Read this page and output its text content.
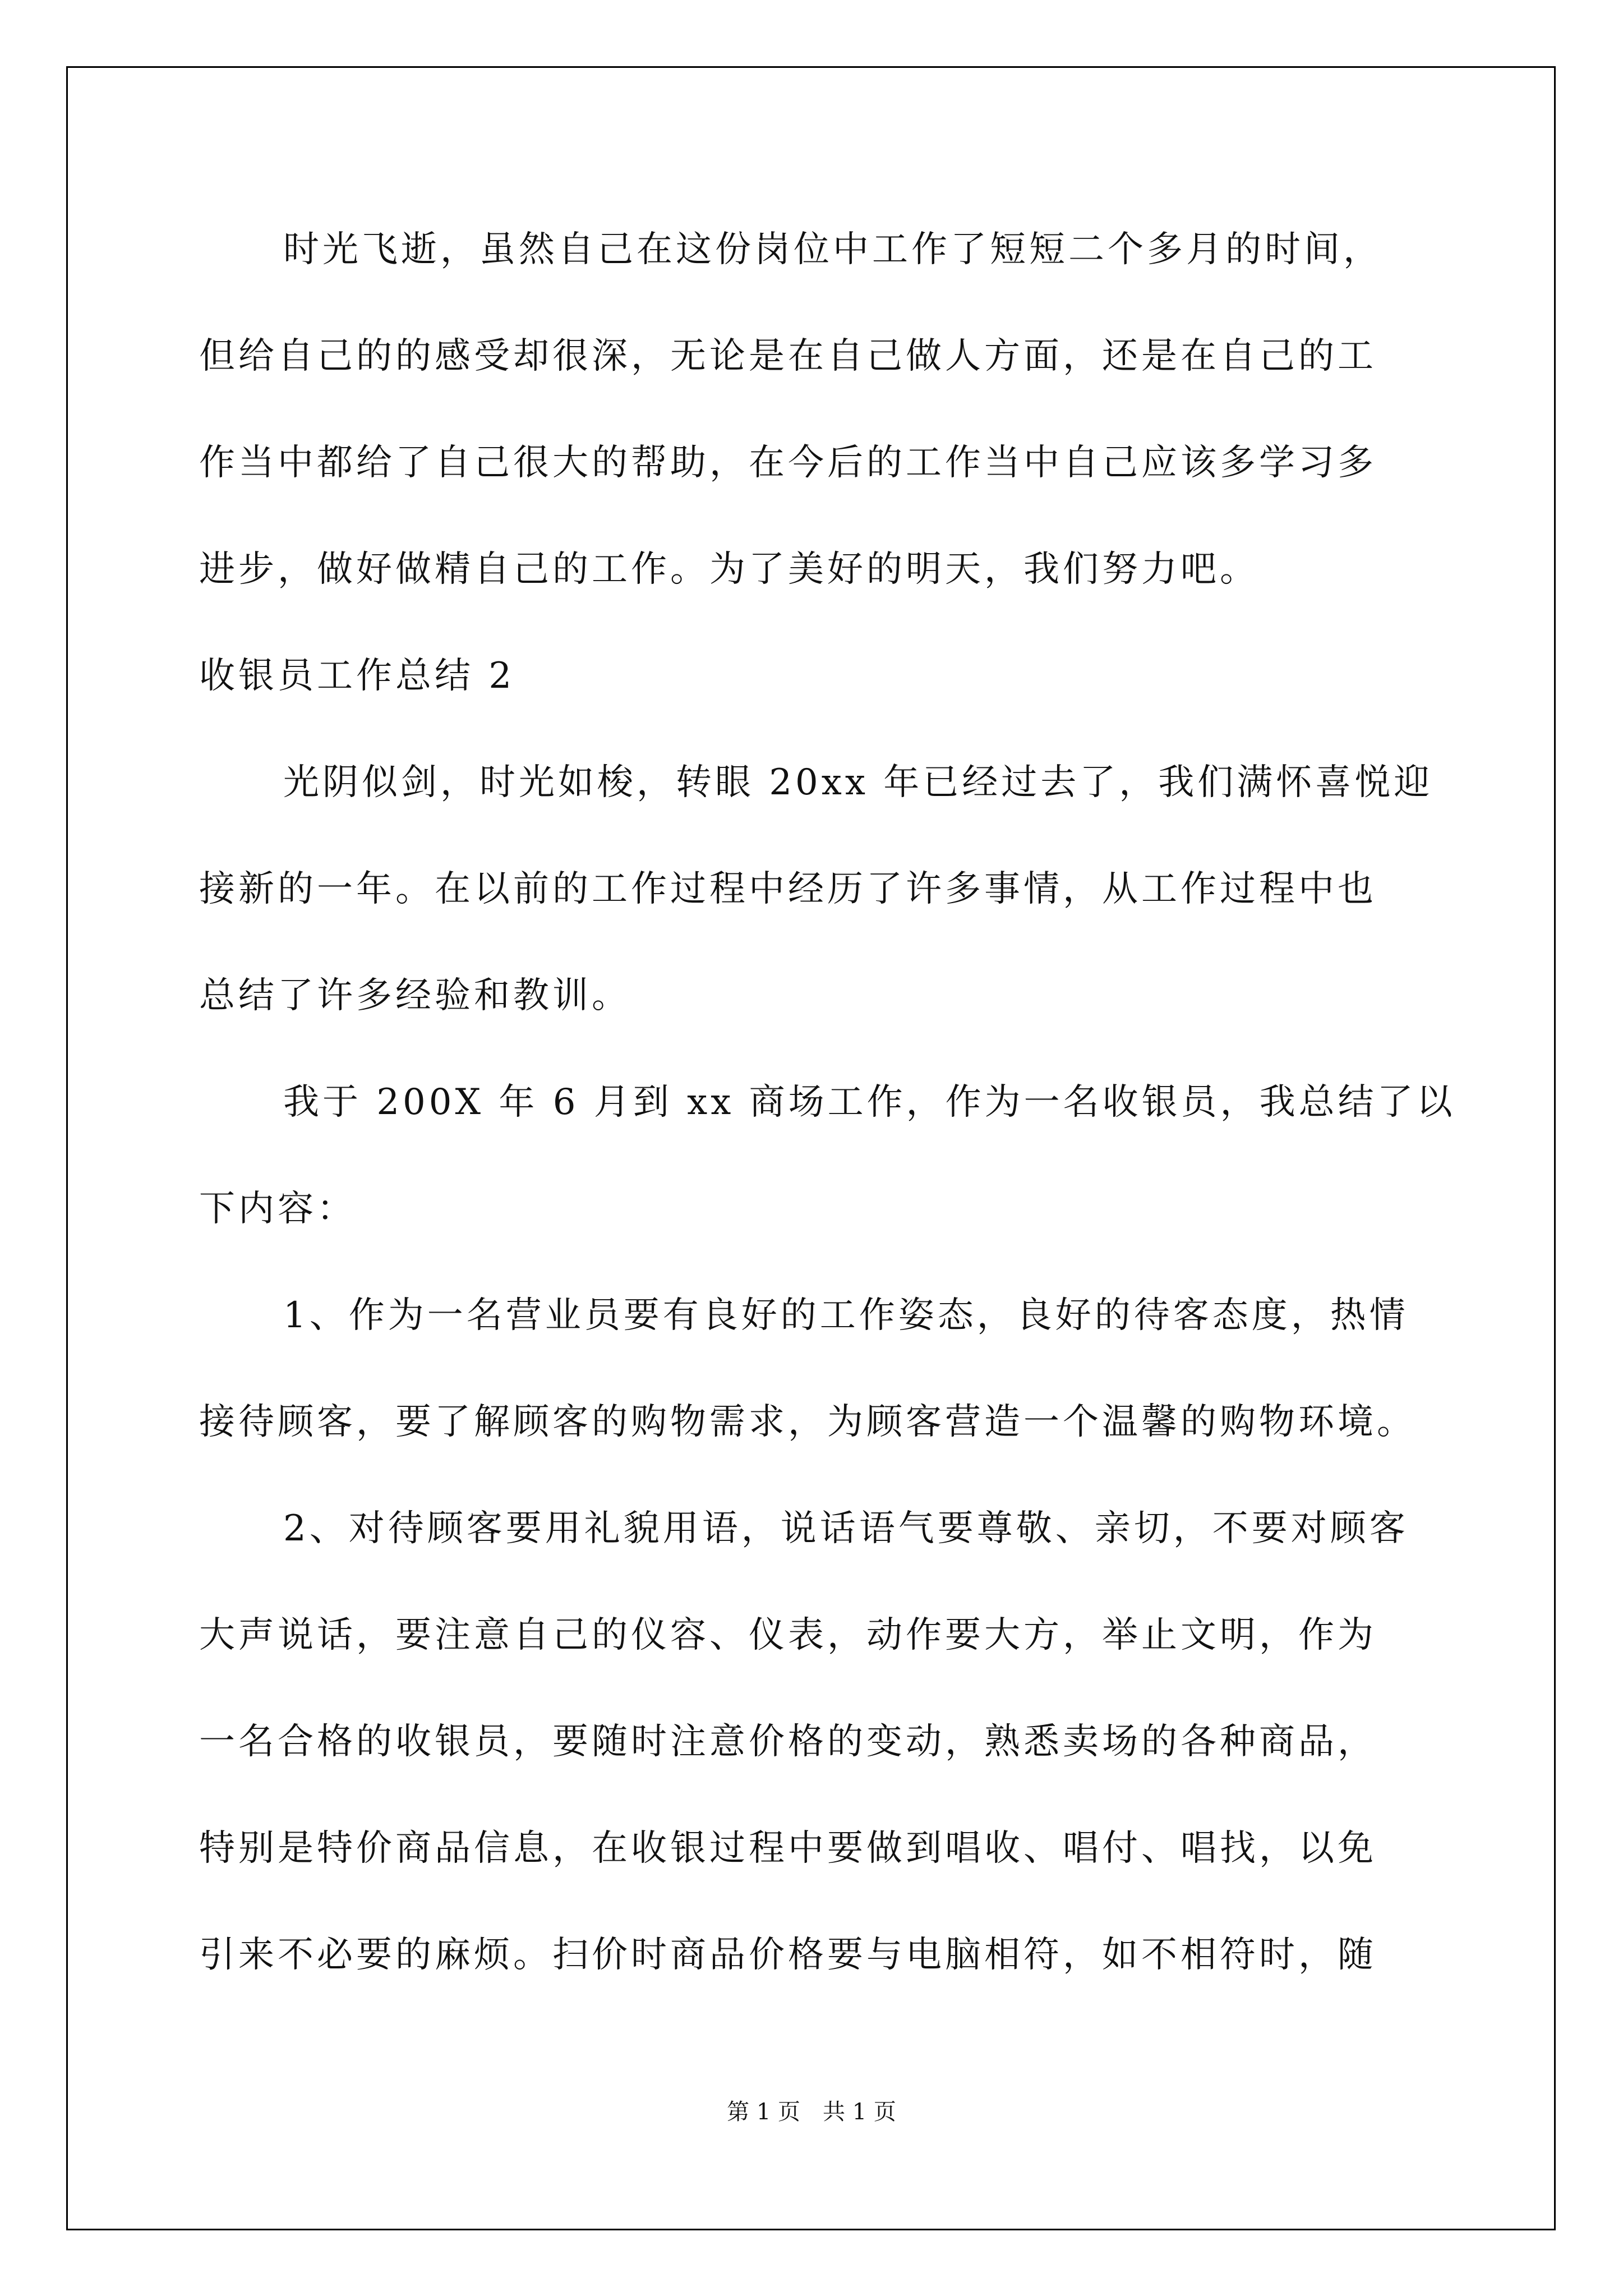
时光飞逝，虽然自己在这份岗位中工作了短短二个多月的时间，
但给自己的的感受却很深，无论是在自己做人方面，还是在自己的工
作当中都给了自己很大的帮助，在今后的工作当中自己应该多学习多
进步，做好做精自己的工作。为了美好的明天，我们努力吧。
收银员工作总结 2
光阴似剑，时光如梭，转眼 20xx 年已经过去了，我们满怀喜悦迎
接新的一年。在以前的工作过程中经历了许多事情，从工作过程中也
总结了许多经验和教训。
我于 200X 年 6 月到 xx 商场工作，作为一名收银员，我总结了以
下内容：
1、作为一名营业员要有良好的工作姿态，良好的待客态度，热情
接待顾客，要了解顾客的购物需求，为顾客营造一个温馨的购物环境。
2、对待顾客要用礼貌用语，说话语气要尊敬、亲切，不要对顾客
大声说话，要注意自己的仪容、仪表，动作要大方，举止文明，作为
一名合格的收银员，要随时注意价格的变动，熟悉卖场的各种商品，
特别是特价商品信息，在收银过程中要做到唱收、唱付、唱找，以免
引来不必要的麻烦。扫价时商品价格要与电脑相符，如不相符时，随
第 1 页　共 1 页
